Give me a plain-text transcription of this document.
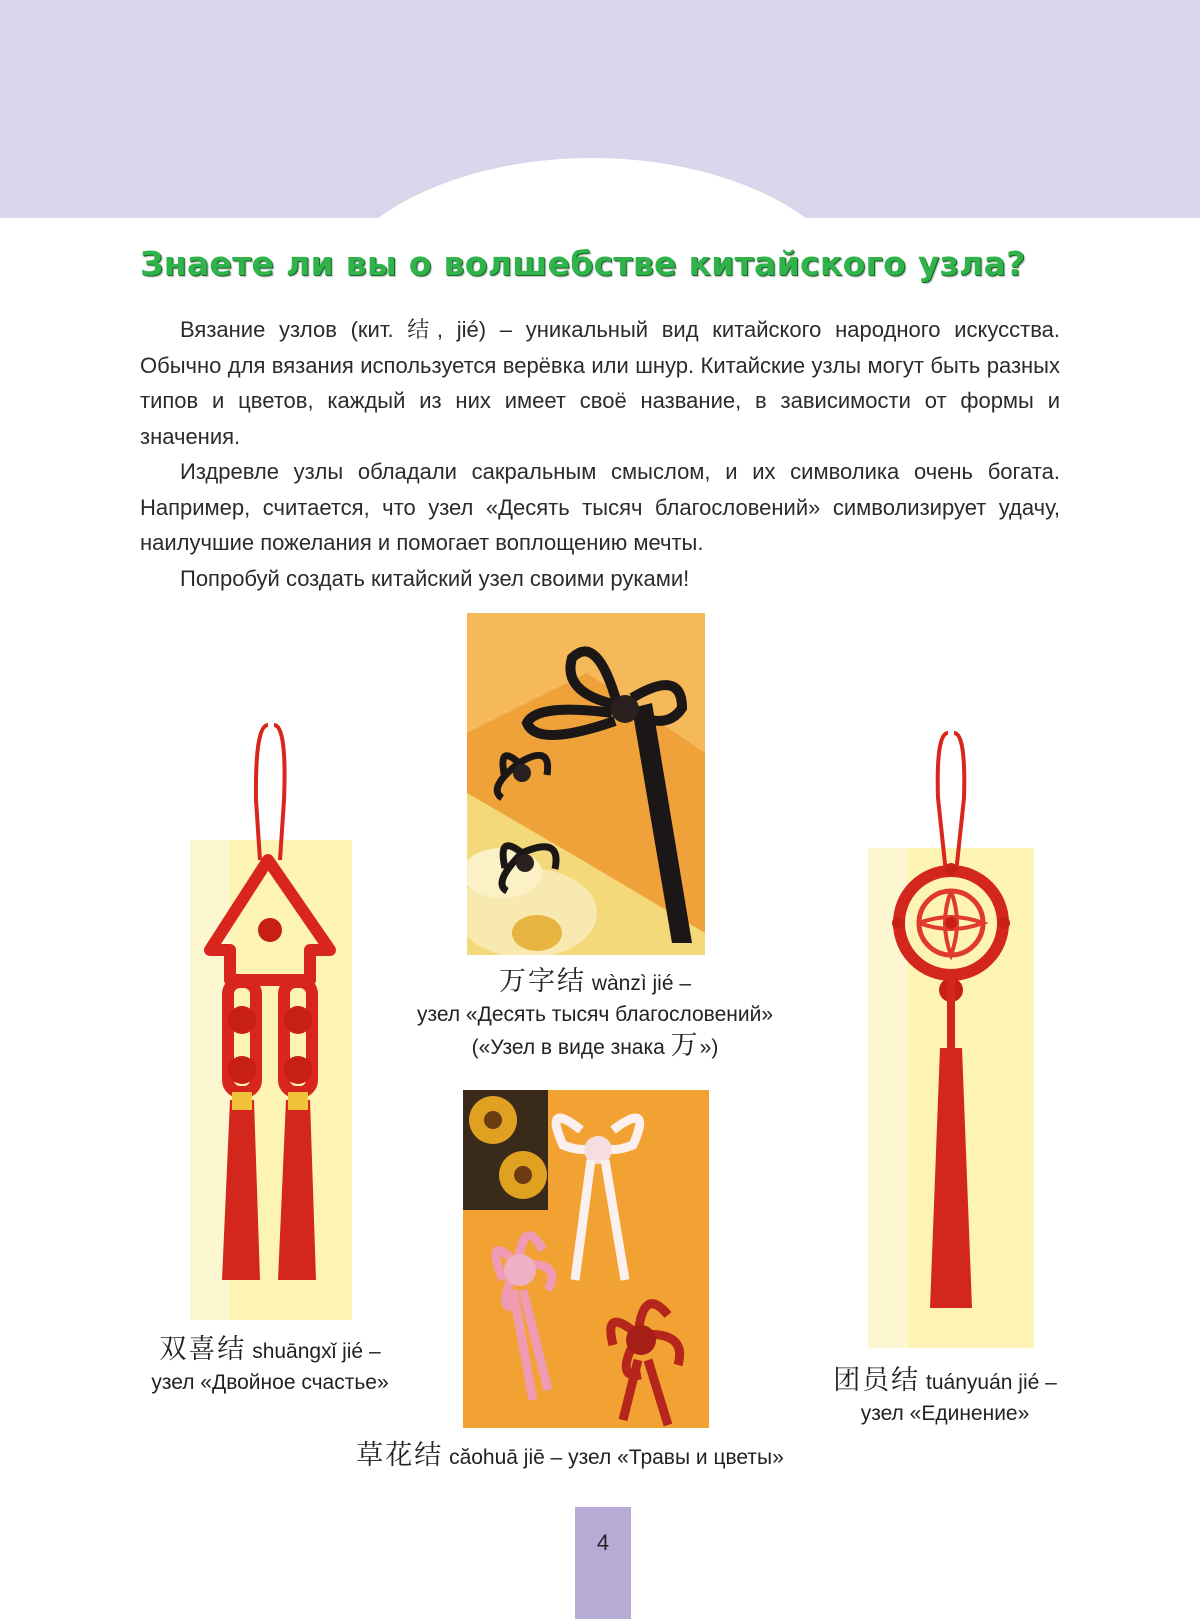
Знаете ли вы о волшебстве китайского узла?

Вязание узлов (кит. 结, jié) – уникальный вид китайского народного искусства. Обычно для вязания используется верёвка или шнур. Китайские узлы могут быть разных типов и цветов, каждый из них имеет своё название, в зависимости от формы и значения.

Издревле узлы обладали сакральным смыслом, и их символика очень богата. Например, считается, что узел «Десять тысяч благословений» символизирует удачу, наилучшие пожелания и помогает воплощению мечты.

Попробуй создать китайский узел своими руками!

万字结 wànzì jié –
узел «Десять тысяч благословений»
(«Узел в виде знака 万»)
双喜结 shuāngxǐ jié –
узел «Двойное счастье»	团员结 tuányuán jié –
узел «Единение»
草花结 căohuā jiē – узел «Травы и цветы»
4
